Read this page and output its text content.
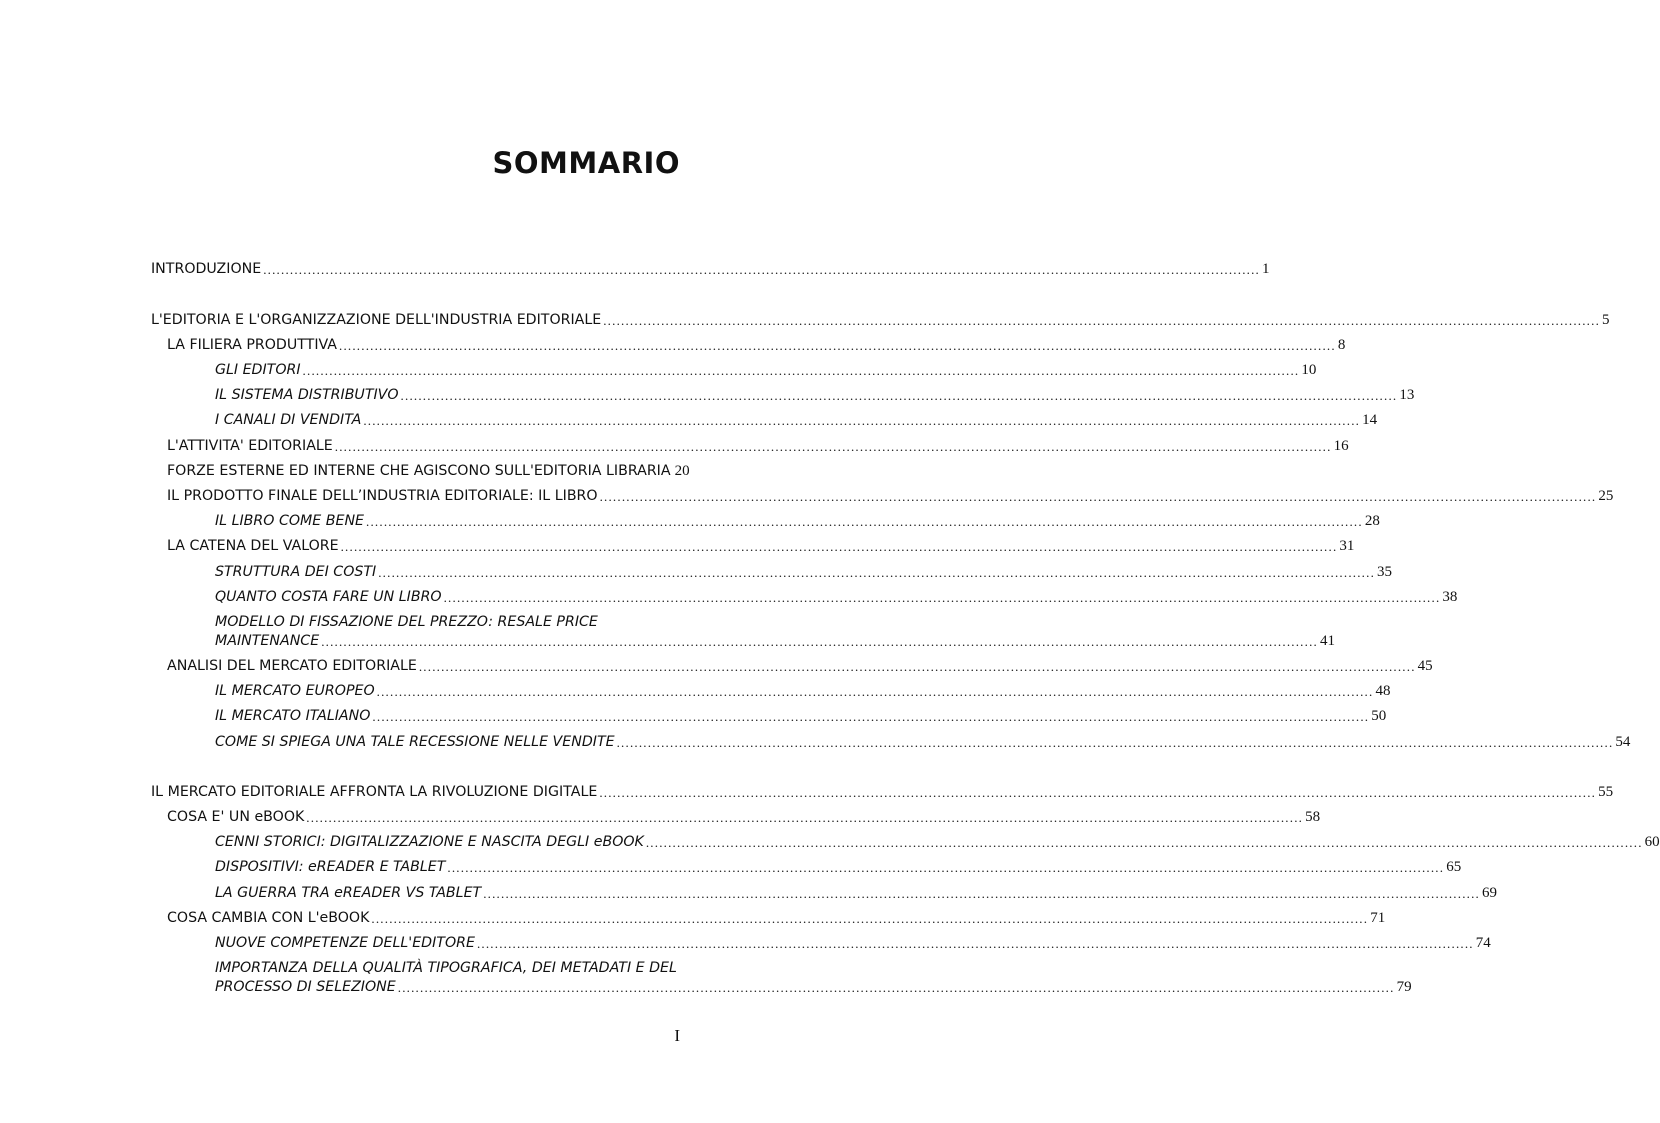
SOMMARIO
INTRODUZIONE ................................................................................................................................................................................................................................ 1
L'EDITORIA E L'ORGANIZZAZIONE DELL'INDUSTRIA EDITORIALE ................................................................................................................................................................................................................................ 5
LA FILIERA PRODUTTIVA ................................................................................................................................................................................................................................ 8
GLI EDITORI ................................................................................................................................................................................................................................ 10
IL SISTEMA DISTRIBUTIVO ................................................................................................................................................................................................................................ 13
I CANALI DI VENDITA ................................................................................................................................................................................................................................ 14
L'ATTIVITA' EDITORIALE ................................................................................................................................................................................................................................ 16
FORZE ESTERNE ED INTERNE CHE AGISCONO SULL'EDITORIA LIBRARIA 20
IL PRODOTTO FINALE DELL’INDUSTRIA EDITORIALE: IL LIBRO ................................................................................................................................................................................................................................ 25
IL LIBRO COME BENE ................................................................................................................................................................................................................................ 28
LA CATENA DEL VALORE ................................................................................................................................................................................................................................ 31
STRUTTURA DEI COSTI ................................................................................................................................................................................................................................ 35
QUANTO COSTA FARE UN LIBRO ................................................................................................................................................................................................................................ 38
MODELLO DI FISSAZIONE DEL PREZZO: RESALE PRICE
MAINTENANCE ................................................................................................................................................................................................................................ 41
ANALISI DEL MERCATO EDITORIALE ................................................................................................................................................................................................................................ 45
IL MERCATO EUROPEO ................................................................................................................................................................................................................................ 48
IL MERCATO ITALIANO ................................................................................................................................................................................................................................ 50
COME SI SPIEGA UNA TALE RECESSIONE NELLE VENDITE ................................................................................................................................................................................................................................ 54
IL MERCATO EDITORIALE AFFRONTA LA RIVOLUZIONE DIGITALE ................................................................................................................................................................................................................................ 55
COSA E' UN eBOOK ................................................................................................................................................................................................................................ 58
CENNI STORICI: DIGITALIZZAZIONE E NASCITA DEGLI eBOOK ................................................................................................................................................................................................................................ 60
DISPOSITIVI: eREADER E TABLET ................................................................................................................................................................................................................................ 65
LA GUERRA TRA eREADER VS TABLET ................................................................................................................................................................................................................................ 69
COSA CAMBIA CON L'eBOOK ................................................................................................................................................................................................................................ 71
NUOVE COMPETENZE DELL'EDITORE ................................................................................................................................................................................................................................ 74
IMPORTANZA DELLA QUALITÀ TIPOGRAFICA, DEI METADATI E DEL
PROCESSO DI SELEZIONE ................................................................................................................................................................................................................................ 79
I
